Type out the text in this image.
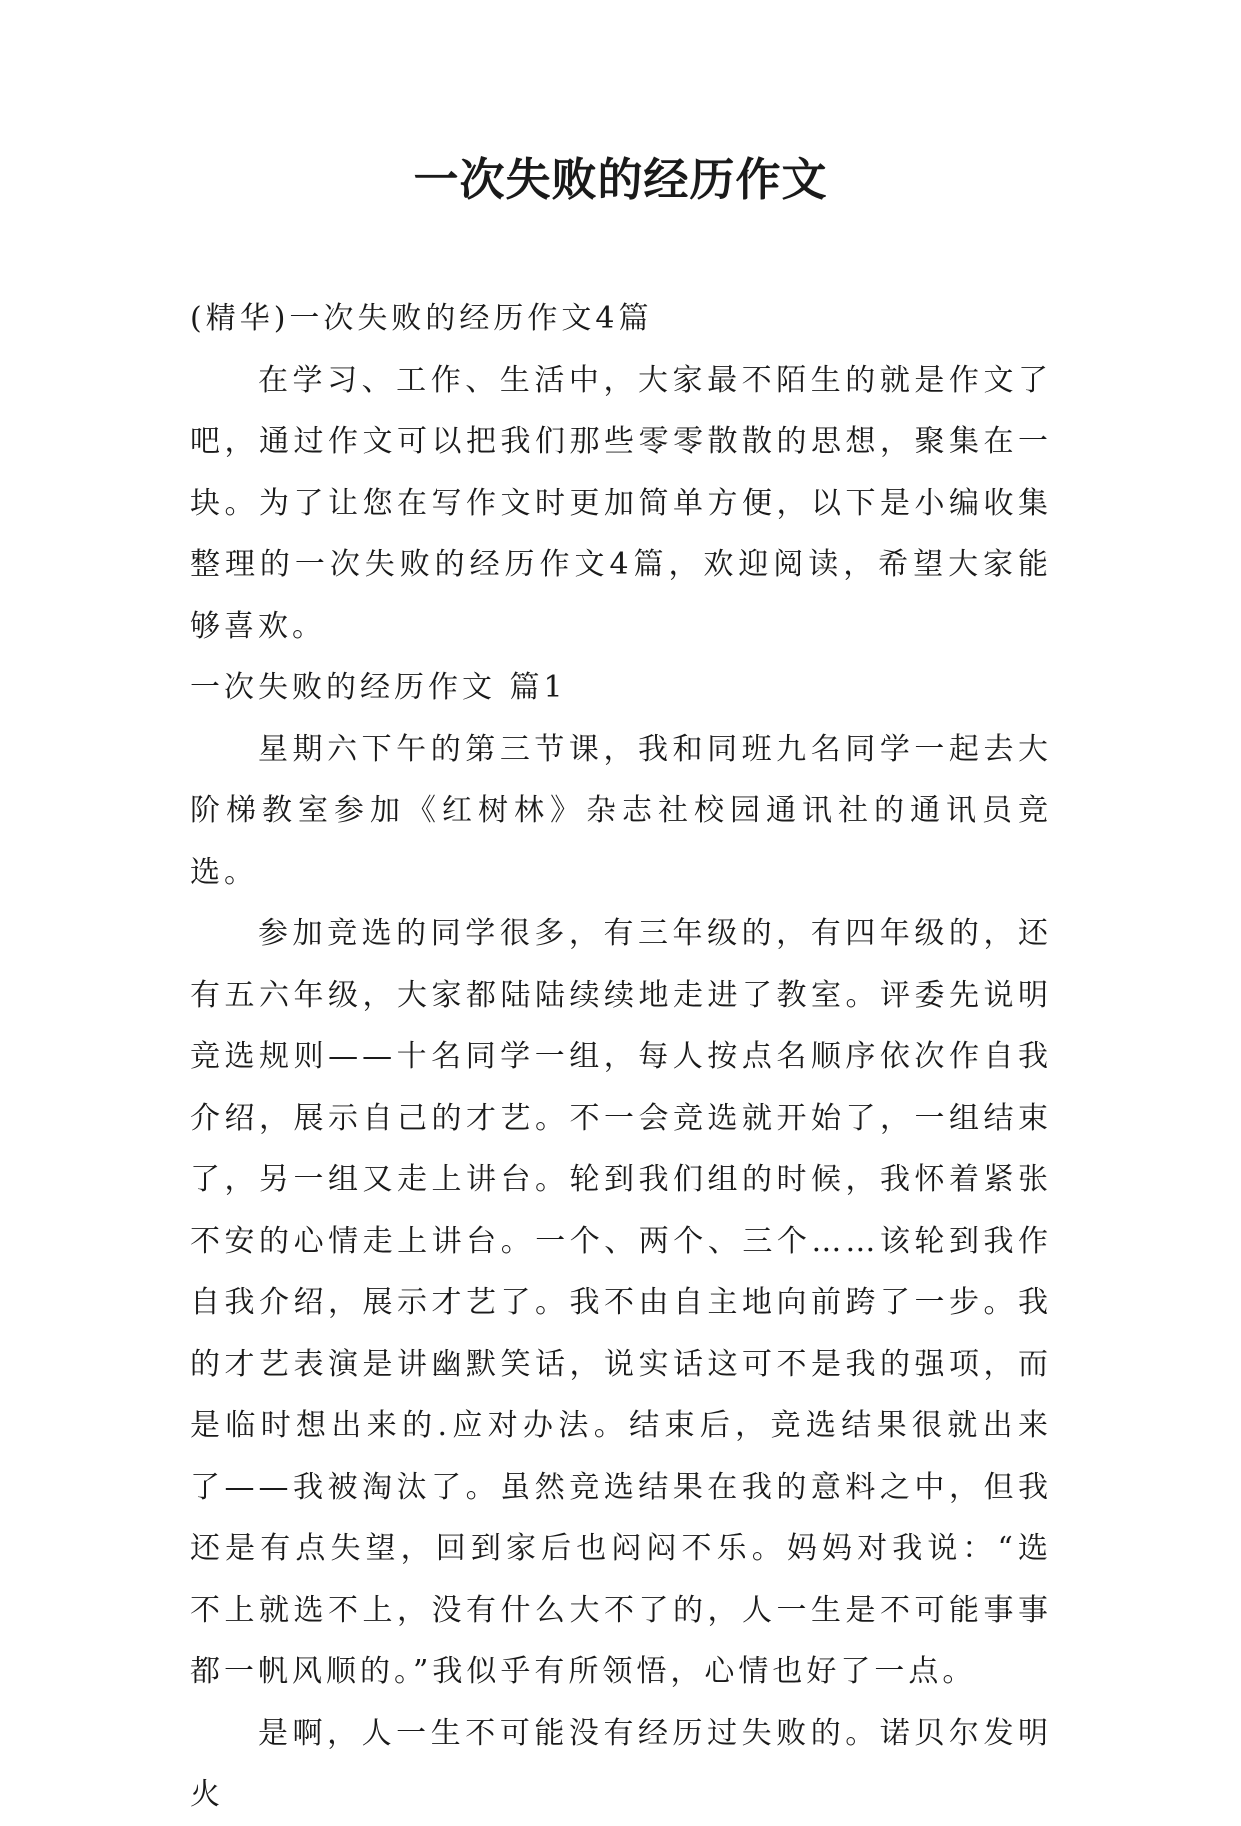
一次失败的经历作文

(精华)一次失败的经历作文4篇

在学习、工作、生活中，大家最不陌生的就是作文了吧，通过作文可以把我们那些零零散散的思想，聚集在一块。为了让您在写作文时更加简单方便，以下是小编收集整理的一次失败的经历作文4篇，欢迎阅读，希望大家能够喜欢。

一次失败的经历作文 篇1

星期六下午的第三节课，我和同班九名同学一起去大阶梯教室参加《红树林》杂志社校园通讯社的通讯员竞选。

参加竞选的同学很多，有三年级的，有四年级的，还有五六年级，大家都陆陆续续地走进了教室。评委先说明竞选规则——十名同学一组，每人按点名顺序依次作自我介绍，展示自己的才艺。不一会竞选就开始了，一组结束了，另一组又走上讲台。轮到我们组的时候，我怀着紧张不安的心情走上讲台。一个、两个、三个……该轮到我作自我介绍，展示才艺了。我不由自主地向前跨了一步。我的才艺表演是讲幽默笑话，说实话这可不是我的强项，而是临时想出来的.应对办法。结束后，竞选结果很就出来了——我被淘汰了。虽然竞选结果在我的意料之中，但我还是有点失望，回到家后也闷闷不乐。妈妈对我说：“选不上就选不上，没有什么大不了的，人一生是不可能事事都一帆风顺的。”我似乎有所领悟，心情也好了一点。

是啊，人一生不可能没有经历过失败的。诺贝尔发明火
